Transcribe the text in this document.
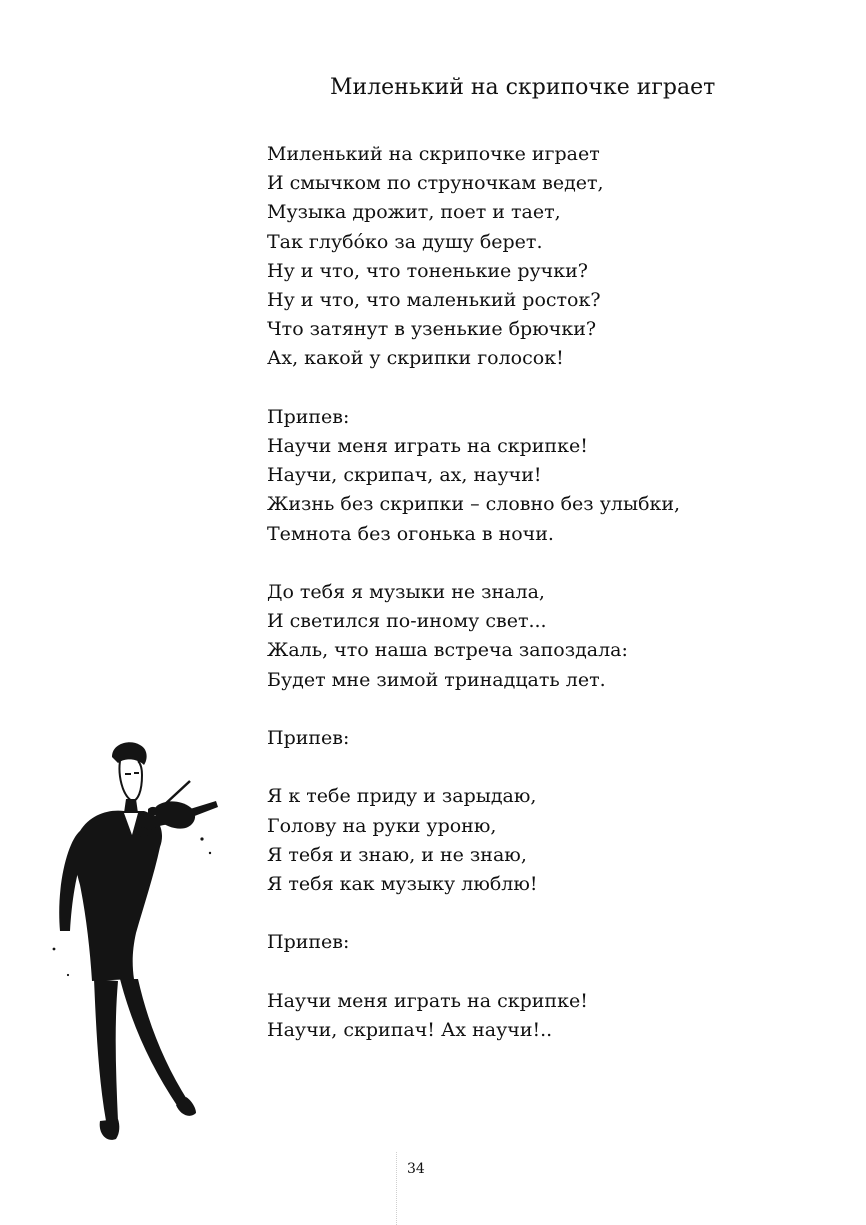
Миленький на скрипочке играет
Миленький на скрипочке играет
И смычком по струночкам ведет,
Музыка дрожит, поет и тает,
Так глубо́ко за душу берет.
Ну и что, что тоненькие ручки?
Ну и что, что маленький росток?
Что затянут в узенькие брючки?
Ах, какой у скрипки голосок!
Припев:
Научи меня играть на скрипке!
Научи, скрипач, ах, научи!
Жизнь без скрипки – словно без улыбки,
Темнота без огонька в ночи.
До тебя я музыки не знала,
И светился по-иному свет...
Жаль, что наша встреча запоздала:
Будет мне зимой тринадцать лет.
Припев:
Я к тебе приду и зарыдаю,
Голову на руки уроню,
Я тебя и знаю, и не знаю,
Я тебя как музыку люблю!
Припев:
Научи меня играть на скрипке!
Научи, скрипач! Ах научи!..
34
